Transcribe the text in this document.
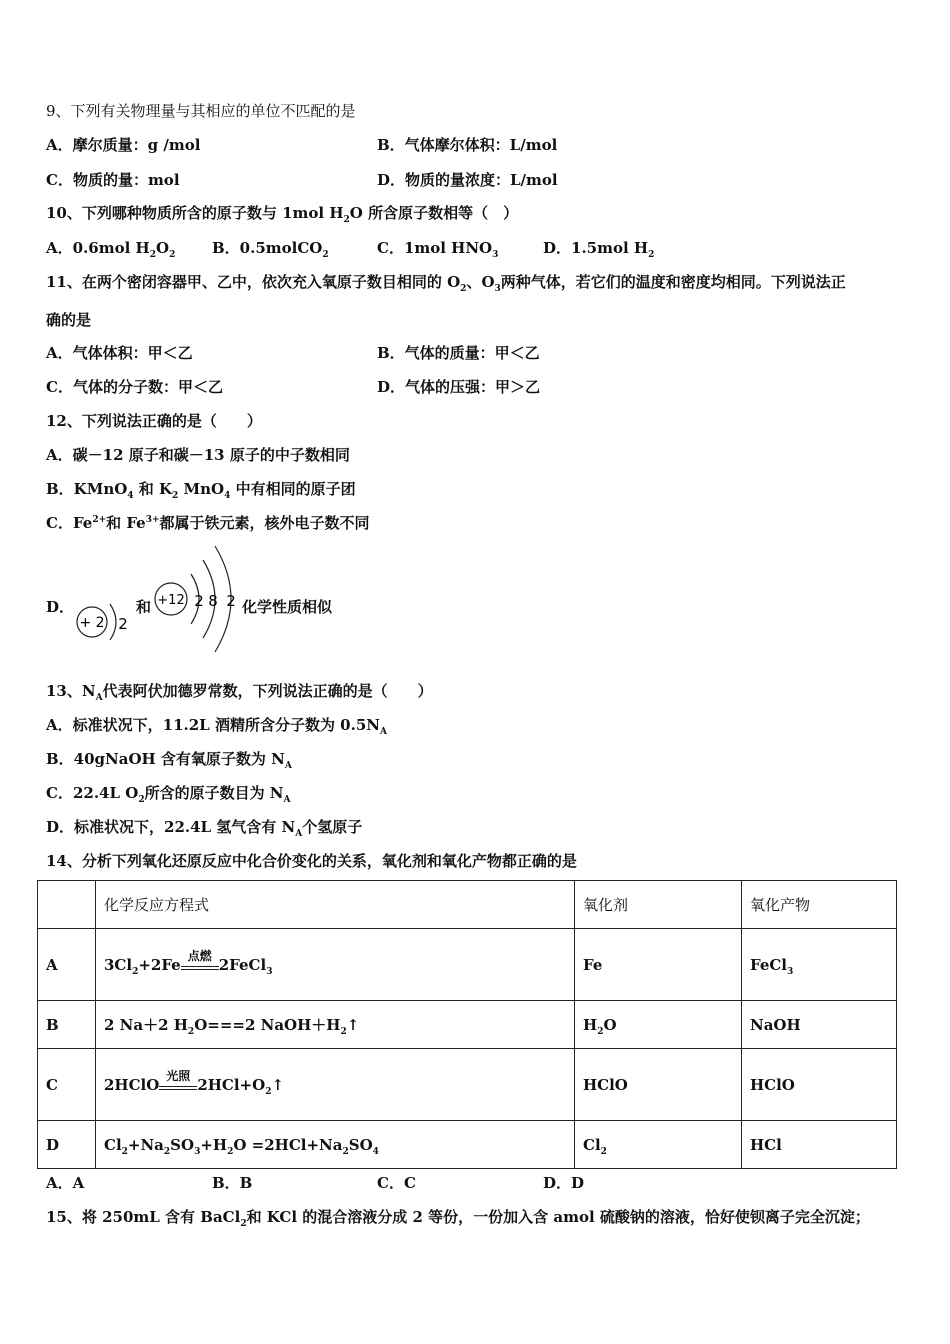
9、下列有关物理量与其相应的单位不匹配的是
A．摩尔质量：g /mol	B．气体摩尔体积：L/mol
C．物质的量：mol	D．物质的量浓度：L/mol
10、下列哪种物质所含的原子数与 1mol $H_2O$ 所含原子数相等（　）
A．0.6mol $H_2O_2$ B．0.5molCO$_2$	C．1mol $HNO_3$	D．1.5mol $H_2$
11、在两个密闭容器甲、乙中，依次充入氧原子数目相同的 $O_2$、$O_3$两种气体，若它们的温度和密度均相同。下列说法正
确的是
A．气体体积：甲＜乙	B．气体的质量：甲＜乙
C．气体的分子数：甲＜乙	D．气体的压强：甲＞乙
12、下列说法正确的是（　　）
A．碳－12 原子和碳－13 原子的中子数相同
B．KMnO$_4$ 和 $K_2$ MnO$_4$ 中有相同的原子团
C．$Fe^{2+}$和 $Fe^{3+}$都属于铁元素，核外电子数不同
D．
+ 2 2
和 +12 2 8 2 化学性质相似
13、$N_A$代表阿伏加德罗常数，下列说法正确的是（　　）
A．标准状况下，11.2L 酒精所含分子数为 $0.5N_A$
B．40gNaOH 含有氧原子数为 $N_A$
C．22.4L $O_2$所含的原子数目为 $N_A$
D．标准状况下，22.4L 氢气含有 $N_A$个氢原子
14、分析下列氧化还原反应中化合价变化的关系，氧化剂和氧化产物都正确的是
	化学反应方程式	氧化剂	氧化产物
A	$3Cl_2+2Fe$ 点燃 2FeCl$_3$	Fe	FeCl$_3$
B	2 Na＋2 $H_2O===2$ $NaOH+H_2↑$	$H_2O$	NaOH
C	2HClO 光照 $2HCl+O_2↑$	HClO	HClO
D	$Cl_2+Na_2SO_3+H_2O =2HCl+Na_2SO_4$	$Cl_2$	HCl
A．A	B．B	C．C	D．D
15、将 250mL 含有 BaCl$_2$和 KCl 的混合溶液分成 2 等份，一份加入含 amol 硫酸钠的溶液，恰好使钡离子完全沉淀；
